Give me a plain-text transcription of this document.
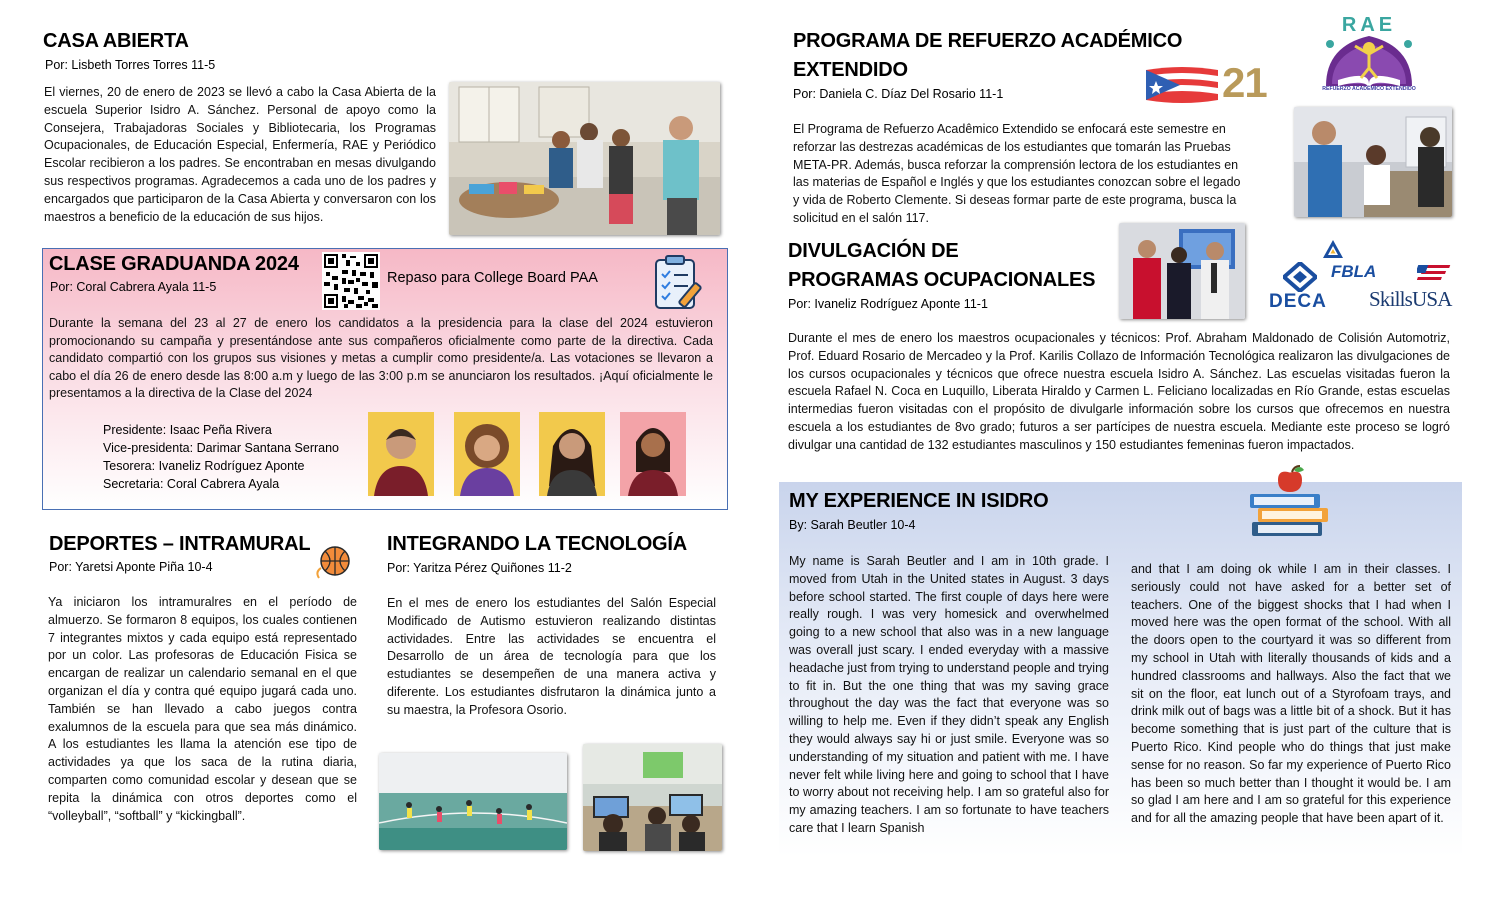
CASA ABIERTA
Por: Lisbeth Torres Torres 11-5
El viernes, 20 de enero de 2023 se llevó a cabo la Casa Abierta de la escuela Superior Isidro A. Sánchez. Personal de apoyo como la Consejera, Trabajadoras Sociales y Bibliotecaria, los Programas Ocupacionales, de Educación Especial, Enfermería, RAE y Periódico Escolar recibieron a los padres. Se encontraban en mesas divulgando sus respectivos programas. Agradecemos a cada uno de los padres y encargados que participaron de la Casa Abierta y conversaron con los maestros a beneficio de la educación de sus hijos.
CLASE GRADUANDA 2024
Por: Coral Cabrera Ayala 11-5
Repaso para College Board PAA
Durante la semana del 23 al 27 de enero los candidatos a la presidencia para la clase del 2024 estuvieron promocionando su campaña y presentándose ante sus compañeros oficialmente como parte de la directiva. Cada candidato compartió con los grupos sus visiones y metas a cumplir como presidente/a. Las votaciones se llevaron a cabo el día 26 de enero desde las 8:00 a.m y luego de las 3:00 p.m se anunciaron los resultados. ¡Aquí oficialmente le presentamos a la directiva de la Clase del 2024
Presidente: Isaac Peña Rivera
Vice-presidenta: Darimar Santana Serrano
Tesorera: Ivaneliz Rodríguez Aponte
Secretaria: Coral Cabrera Ayala
DEPORTES – INTRAMURAL
Por: Yaretsi Aponte Piña 10-4
Ya iniciaron los intramuralres en el período de almuerzo. Se formaron 8 equipos, los cuales contienen 7 integrantes mixtos y cada equipo está representado por un color. Las profesoras de Educación Fisica se encargan de realizar un calendario semanal en el que organizan el día y contra qué equipo jugará cada uno. También se han llevado a cabo juegos contra exalumnos de la escuela para que sea más dinámico. A los estudiantes les llama la atención ese tipo de actividades ya que los saca de la rutina diaria, comparten como comunidad escolar y desean que se repita la dinámica con otros deportes como el “volleyball”, “softball” y “kickingball”.
INTEGRANDO LA TECNOLOGÍA
Por: Yaritza Pérez Quiñones 11-2
En el mes de enero los estudiantes del Salón Especial Modificado de Autismo estuvieron realizando distintas actividades. Entre las actividades se encuentra el Desarrollo de un área de tecnología para que los estudiantes se desempeñen de una manera activa y diferente. Los estudiantes disfrutaron la dinámica junto a su maestra, la Profesora Osorio.
PROGRAMA DE REFUERZO ACADÉMICO
EXTENDIDO
Por: Daniela C. Díaz Del Rosario 11-1	21
RAE
REFUERZO ACADÉMICO EXTENDIDO
El Programa de Refuerzo Acadêmico Extendido se enfocará este semestre en reforzar las destrezas académicas de los estudiantes que tomarán las Pruebas META-PR. Además, busca reforzar la comprensión lectora de los estudiantes en las materias de Español e Inglés y que los estudiantes conozcan sobre el legado y vida de Roberto Clemente. Si deseas formar parte de este programa, busca la solicitud en el salón 117.
DIVULGACIÓN DE
PROGRAMAS OCUPACIONALES
Por: Ivaneliz Rodríguez Aponte 11-1
FBLA
DECA SkillsUSA
Durante el mes de enero los maestros ocupacionales y técnicos: Prof. Abraham Maldonado de Colisión Automotriz, Prof. Eduard Rosario de Mercadeo y la Prof. Karilis Collazo de Información Tecnológica realizaron las divulgaciones de los cursos ocupacionales y técnicos que ofrece nuestra escuela Isidro A. Sánchez. Las escuelas visitadas fueron la escuela Rafael N. Coca en Luquillo, Liberata Hiraldo y Carmen L. Feliciano localizadas en Río Grande, estas escuelas intermedias fueron visitadas con el propósito de divulgarle información sobre los cursos que ofrecemos en nuestra escuela a los estudiantes de 8vo grado; futuros a ser partícipes de nuestra escuela. Mediante este proceso se logró divulgar una cantidad de 132 estudiantes masculinos y 150 estudiantes femeninas fueron impactados.
MY EXPERIENCE IN ISIDRO
By: Sarah Beutler 10-4
My name is Sarah Beutler and I am in 10th grade. I moved from Utah in the United states in August. 3 days before school started. The first couple of days here were really rough. I was very homesick and overwhelmed going to a new school that also was in a new language was overall just scary. I ended everyday with a massive headache just from trying to understand people and trying to fit in. But the one thing that was my saving grace throughout the day was the fact that everyone was so willing to help me. Even if they didn’t speak any English they would always say hi or just smile. Everyone was so understanding of my situation and patient with me. I have never felt while living here and going to school that I have to worry about not receiving help. I am so grateful also for my amazing teachers. I am so fortunate to have teachers care that I learn Spanish
and that I am doing ok while I am in their classes. I seriously could not have asked for a better set of teachers. One of the biggest shocks that I had when I moved here was the open format of the school. With all the doors open to the courtyard it was so different from my school in Utah with literally thousands of kids and a hundred classrooms and hallways. Also the fact that we sit on the floor, eat lunch out of a Styrofoam trays, and drink milk out of bags was a little bit of a shock. But it has become something that is just part of the culture that is Puerto Rico. Kind people who do things that just make sense for no reason. So far my experience of Puerto Rico has been so much better than I thought it would be. I am so glad I am here and I am so grateful for this experience and for all the amazing people that have been apart of it.
